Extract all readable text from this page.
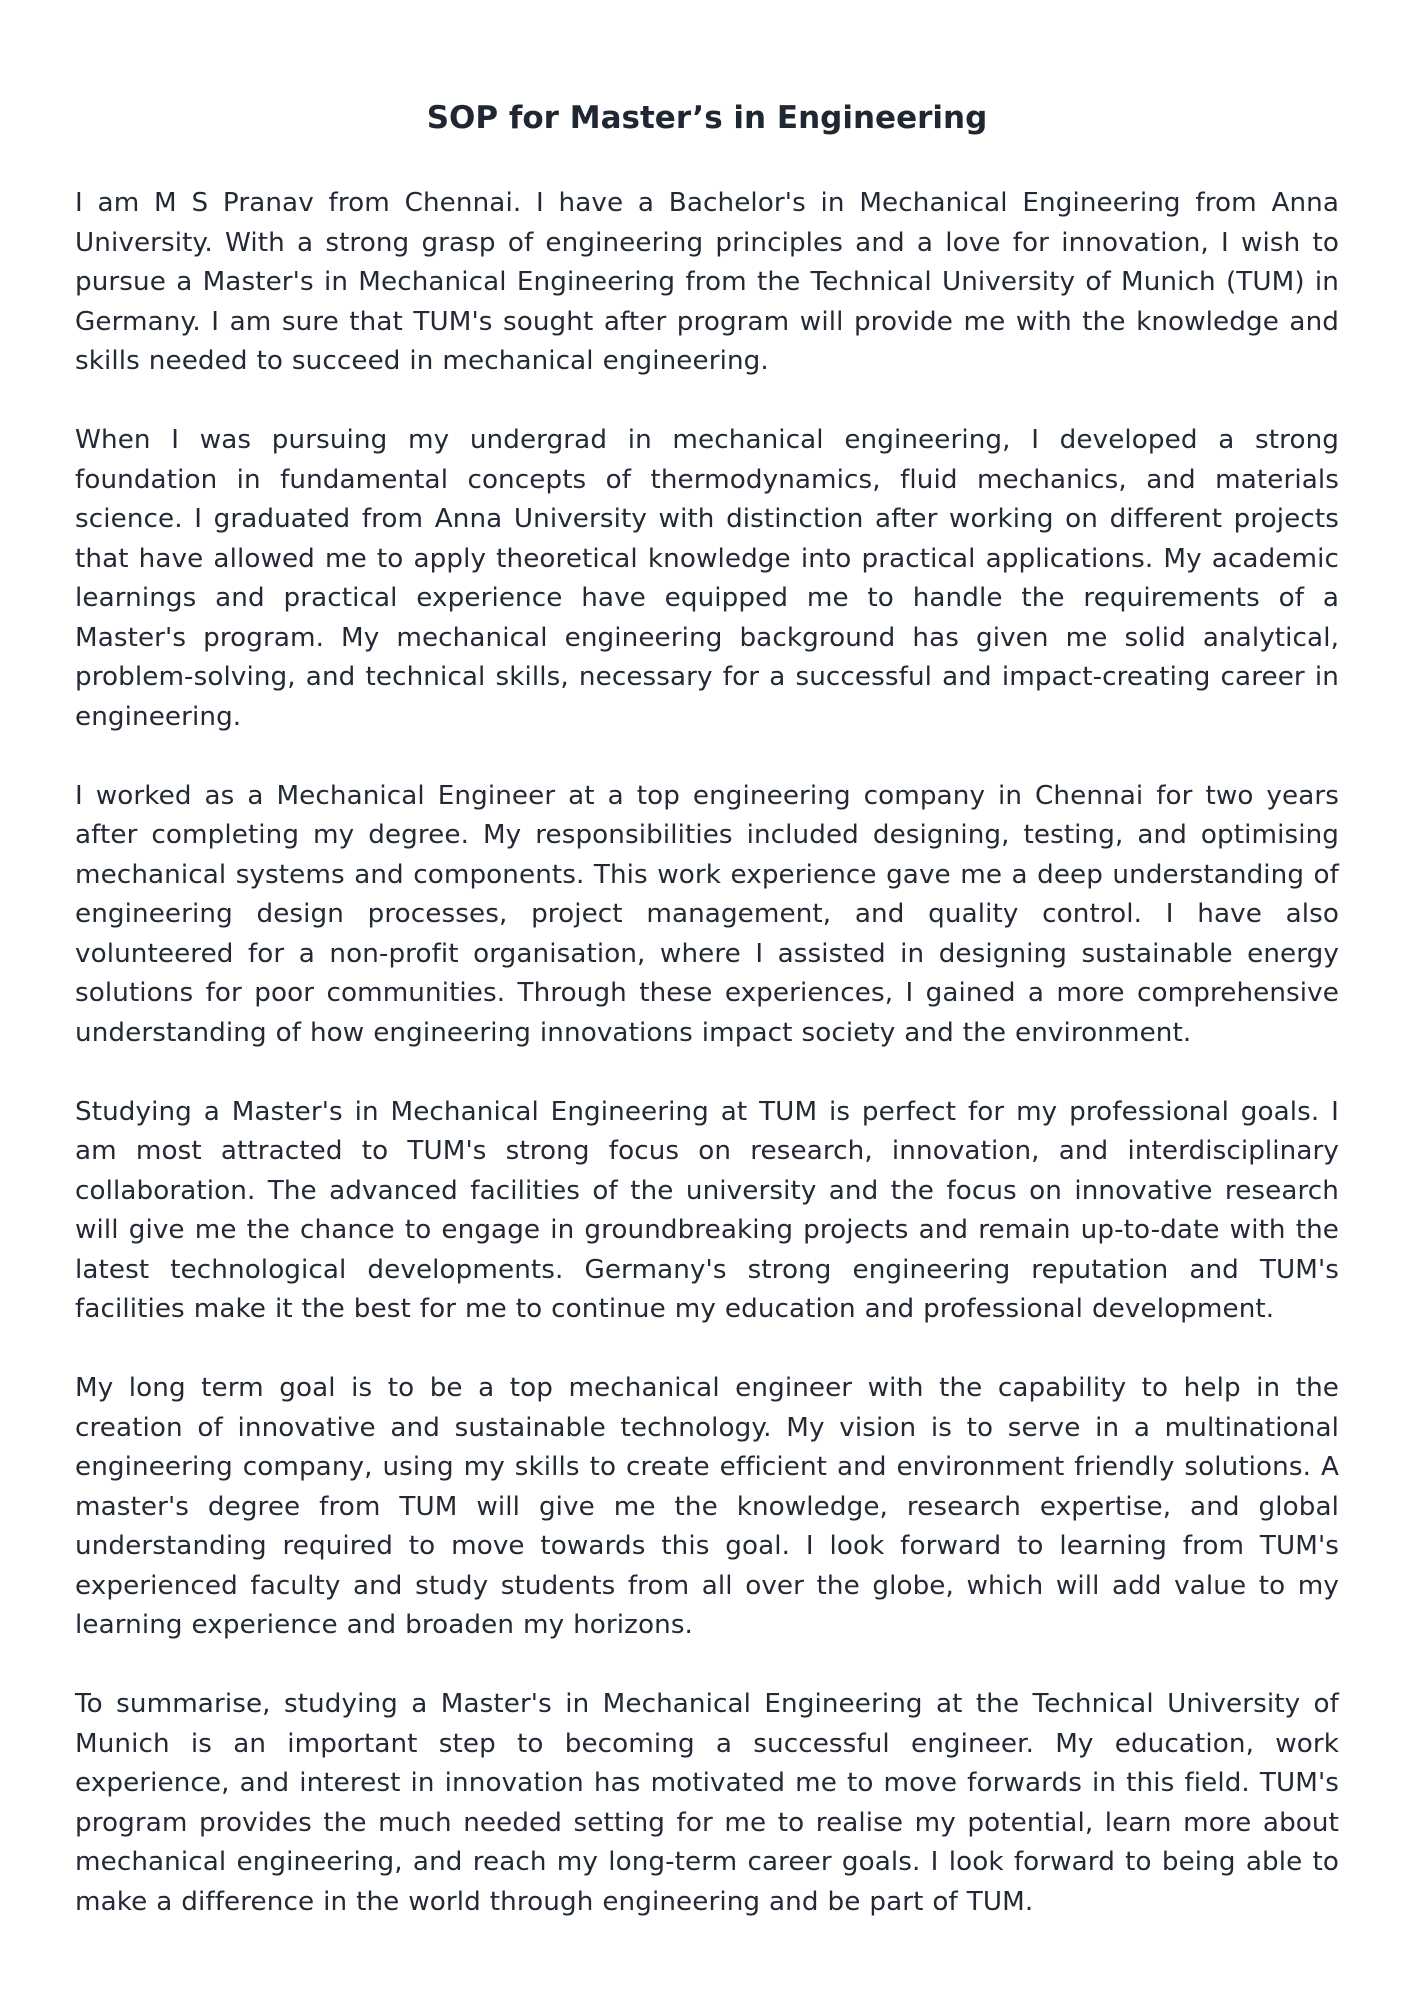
SOP for Master’s in Engineering

I am M S Pranav from Chennai. I have a Bachelor's in Mechanical Engineering from Anna University. With a strong grasp of engineering principles and a love for innovation, I wish to pursue a Master's in Mechanical Engineering from the Technical University of Munich (TUM) in Germany. I am sure that TUM's sought after program will provide me with the knowledge and skills needed to succeed in mechanical engineering.

When I was pursuing my undergrad in mechanical engineering, I developed a strong foundation in fundamental concepts of thermodynamics, fluid mechanics, and materials science. I graduated from Anna University with distinction after working on different projects that have allowed me to apply theoretical knowledge into practical applications. My academic learnings and practical experience have equipped me to handle the requirements of a Master's program. My mechanical engineering background has given me solid analytical, problem-solving, and technical skills, necessary for a successful and impact-creating career in engineering.

I worked as a Mechanical Engineer at a top engineering company in Chennai for two years after completing my degree. My responsibilities included designing, testing, and optimising mechanical systems and components. This work experience gave me a deep understanding of engineering design processes, project management, and quality control. I have also volunteered for a non-profit organisation, where I assisted in designing sustainable energy solutions for poor communities. Through these experiences, I gained a more comprehensive understanding of how engineering innovations impact society and the environment.

Studying a Master's in Mechanical Engineering at TUM is perfect for my professional goals. I am most attracted to TUM's strong focus on research, innovation, and interdisciplinary collaboration. The advanced facilities of the university and the focus on innovative research will give me the chance to engage in groundbreaking projects and remain up-to-date with the latest technological developments. Germany's strong engineering reputation and TUM's facilities make it the best for me to continue my education and professional development.

My long term goal is to be a top mechanical engineer with the capability to help in the creation of innovative and sustainable technology. My vision is to serve in a multinational engineering company, using my skills to create efficient and environment friendly solutions. A master's degree from TUM will give me the knowledge, research expertise, and global understanding required to move towards this goal. I look forward to learning from TUM's experienced faculty and study students from all over the globe, which will add value to my learning experience and broaden my horizons.

To summarise, studying a Master's in Mechanical Engineering at the Technical University of Munich is an important step to becoming a successful engineer. My education, work experience, and interest in innovation has motivated me to move forwards in this field. TUM's program provides the much needed setting for me to realise my potential, learn more about mechanical engineering, and reach my long-term career goals. I look forward to being able to make a difference in the world through engineering and be part of TUM.
